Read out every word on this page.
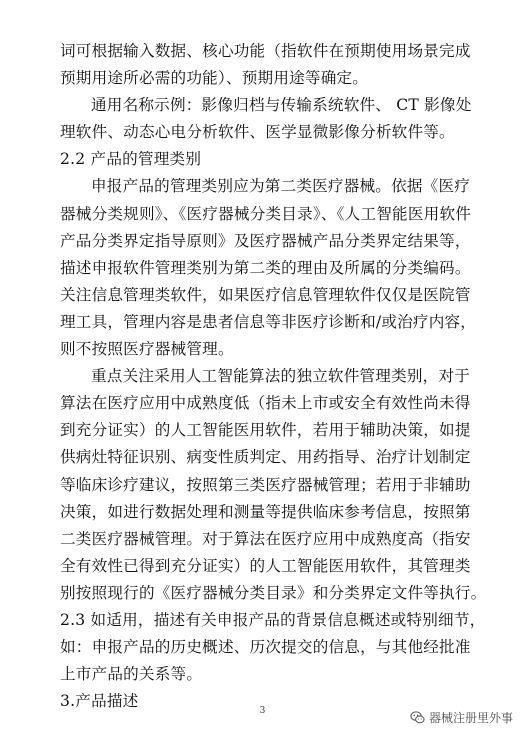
词可根据输入数据、核心功能（指软件在预期使用场景完成
预期用途所必需的功能）、预期用途等确定。
通用名称示例：影像归档与传输系统软件、 CT 影像处
理软件、动态心电分析软件、医学显微影像分析软件等。
2.2 产品的管理类别
申报产品的管理类别应为第二类医疗器械。依据《医疗
器械分类规则》、《医疗器械分类目录》、《人工智能医用软件
产品分类界定指导原则》及医疗器械产品分类界定结果等，
描述申报软件管理类别为第二类的理由及所属的分类编码。
关注信息管理类软件，如果医疗信息管理软件仅仅是医院管
理工具，管理内容是患者信息等非医疗诊断和/或治疗内容，
则不按照医疗器械管理。
重点关注采用人工智能算法的独立软件管理类别，对于
算法在医疗应用中成熟度低（指未上市或安全有效性尚未得
到充分证实）的人工智能医用软件，若用于辅助决策，如提
供病灶特征识别、病变性质判定、用药指导、治疗计划制定
等临床诊疗建议，按照第三类医疗器械管理；若用于非辅助
决策，如进行数据处理和测量等提供临床参考信息，按照第
二类医疗器械管理。对于算法在医疗应用中成熟度高（指安
全有效性已得到充分证实）的人工智能医用软件，其管理类
别按照现行的《医疗器械分类目录》和分类界定文件等执行。
2.3 如适用，描述有关申报产品的背景信息概述或特别细节，
如：申报产品的历史概述、历次提交的信息，与其他经批准
上市产品的关系等。
3.产品描述
3	器械注册里外事
